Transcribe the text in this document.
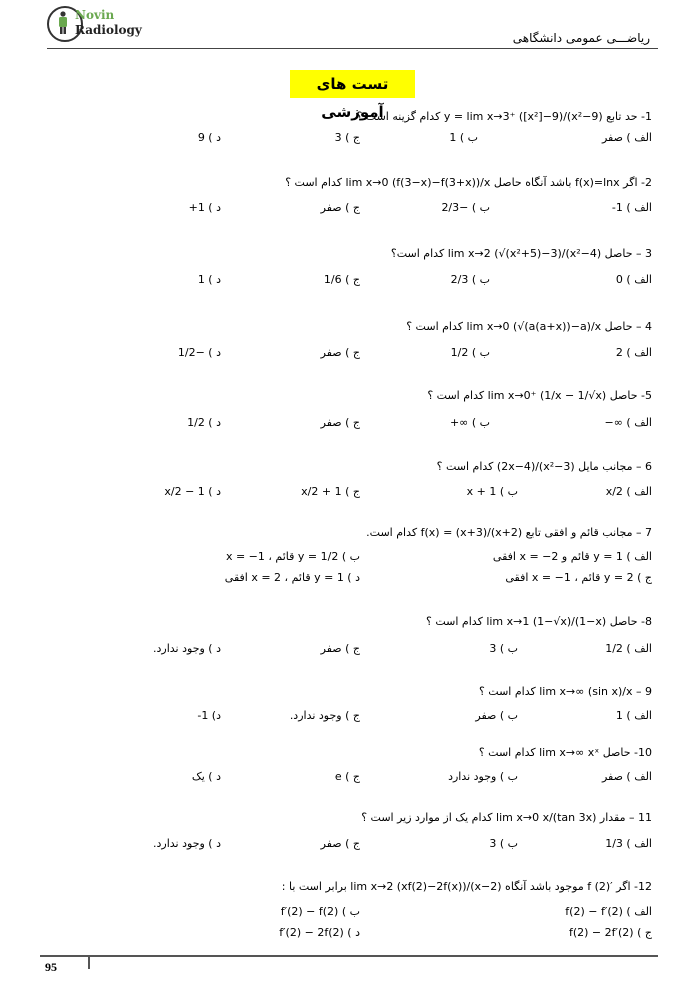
Novin
Radiology
ریاضـــی عمومی دانشگاهی
تست های آموزشی
1- حد تابع y = lim x→3⁺ ([x²]−9)/(x²−9) کدام گزینه است ؟
الف ) صفر
ب ) 1
ج ) 3
د ) 9
2- اگر f(x)=lnx باشد آنگاه حاصل lim x→0 (f(3−x)−f(3+x))/x کدام است ؟
الف ) 1-
ب ) −2/3
ج ) صفر
د ) 1+
3 – حاصل lim x→2 (√(x²+5)−3)/(x²−4) کدام است؟
الف ) 0
ب ) 2/3
ج ) 1/6
د ) 1
4 – حاصل lim x→0 (√(a(a+x))−a)/x کدام است ؟
الف ) 2
ب ) 1/2
ج ) صفر
د ) −1/2
5- حاصل lim x→0⁺ (1/x − 1/√x) کدام است ؟
الف ) ∞−
ب ) ∞+
ج ) صفر
د ) 1/2
6 – مجانب مایل (x²−3)/(2x−4) کدام است ؟
الف ) x/2
ب ) x + 1
ج ) x/2 + 1
د ) x/2 − 1
7 – مجانب قائم و افقی تابع f(x) = (x+3)/(x+2) کدام است.
الف ) y = 1 قائم و x = −2 افقی
ب ) y = 1/2 قائم ، x = −1
ج ) y = 2 قائم ، x = −1 افقی
د ) y = 1 قائم ، x = 2 افقی
8- حاصل lim x→1 (1−√x)/(1−x) کدام است ؟
الف ) 1/2
ب ) 3
ج ) صفر
د ) وجود ندارد.
9 – lim x→∞ (sin x)/x کدام است ؟
الف ) 1
ب ) صفر
ج ) وجود ندارد.
د) 1-
10- حاصل lim x→∞ xˣ کدام است ؟
الف ) صفر
ب ) وجود ندارد
ج ) e
د ) یک
11 – مقدار lim x→0 x/(tan 3x) کدام یک از موارد زیر است ؟
الف ) 1/3
ب ) 3
ج ) صفر
د ) وجود ندارد.
12- اگر ′f (2) موجود باشد آنگاه lim x→2 (xf(2)−2f(x))/(x−2) برابر است با :
الف ) f(2) − f′(2)
ب ) f′(2) − f(2)
ج ) f(2) − 2f′(2)
د ) f′(2) − 2f(2)
95
